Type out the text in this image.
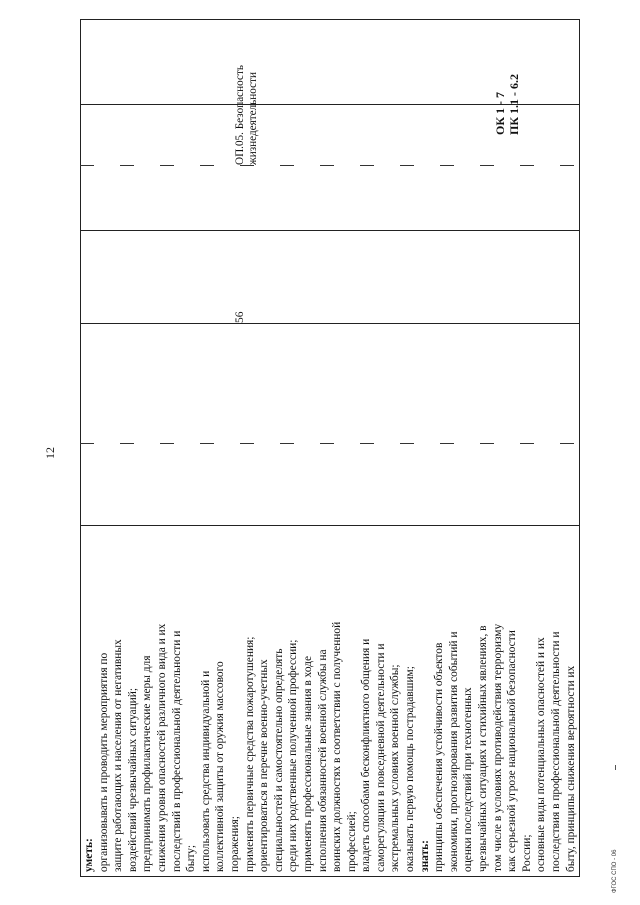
12
уметь: организовывать и проводить мероприятия по защите работающих и населения от негативных воздействий чрезвычайных ситуаций; предпринимать профилактические меры для снижения уровня опасностей различного вида и их последствий в профессиональной деятельности и быту; использовать средства индивидуальной и коллективной защиты от оружия массового поражения; применять первичные средства пожаротушения; ориентироваться в перечне военно-учетных специальностей и самостоятельно определять среди них родственные полученной профессии; применять профессиональные знания в ходе исполнения обязанностей военной службы на воинских должностях в соответствии с полученной профессией; владеть способами бесконфликтного общения и саморегуляции в повседневной деятельности и экстремальных условиях военной службы; оказывать первую помощь пострадавшим; знать: принципы обеспечения устойчивости объектов экономики, прогнозирования развития событий и оценки последствий при техногенных чрезвычайных ситуациях и стихийных явлениях, в том числе в условиях противодействия терроризму как серьезной угрозе национальной безопасности России; основные виды потенциальных опасностей и их последствия в профессиональной деятельности и быту, принципы снижения вероятности их
56
ОП.05. Безопасность жизнедеятельности	ОК 1 - 7 ПК 1.1 - 6.2
ФГОС СПО - 06
